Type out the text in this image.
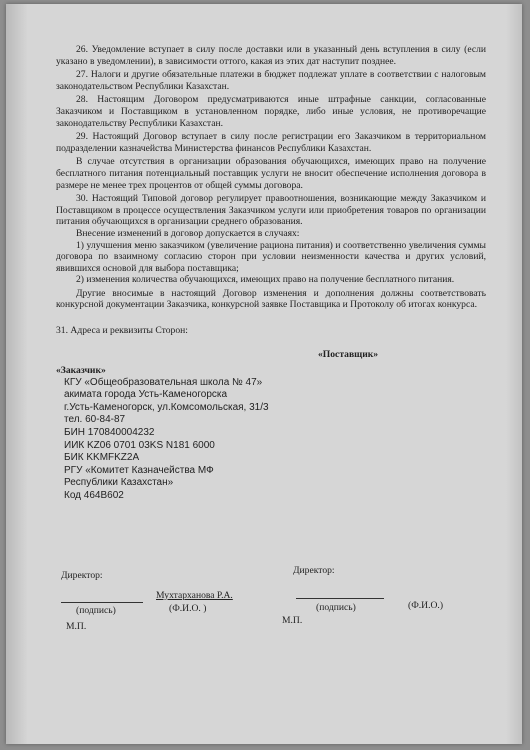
26. Уведомление вступает в силу после доставки или в указанный день вступления в силу (если указано в уведомлении), в зависимости оттого, какая из этих дат наступит позднее.
27. Налоги и другие обязательные платежи в бюджет подлежат уплате в соответствии с налоговым законодательством Республики Казахстан.
28. Настоящим Договором предусматриваются иные штрафные санкции, согласованные Заказчиком и Поставщиком в установленном порядке, либо иные условия, не противоречащие законодательству Республики Казахстан.
29. Настоящий Договор вступает в силу после регистрации его Заказчиком в территориальном подразделении казначейства Министерства финансов Республики Казахстан.
В случае отсутствия в организации образования обучающихся, имеющих право на получение бесплатного питания потенциальный поставщик услуги не вносит обеспечение исполнения договора в размере не менее трех процентов от общей суммы договора.
30. Настоящий Типовой договор регулирует правоотношения, возникающие между Заказчиком и Поставщиком в процессе осуществления Заказчиком услуги или приобретения товаров по организации питания обучающихся в организации среднего образования.
Внесение изменений в договор допускается в случаях:
1) улучшения меню заказчиком (увеличение рациона питания) и соответственно увеличения суммы договора по взаимному согласию сторон при условии неизменности качества и других условий, явившихся основой для выбора поставщика;
2) изменения количества обучающихся, имеющих право на получение бесплатного питания.
Другие вносимые в настоящий Договор изменения и дополнения должны соответствовать конкурсной документации Заказчика, конкурсной заявке Поставщика и Протоколу об итогах конкурса.
31. Адреса и реквизиты Сторон:
«Заказчик»
«Поставщик»
КГУ «Общеобразовательная школа № 47»
акимата города Усть-Каменогорска
г.Усть-Каменогорск, ул.Комсомольская, 31/3
тел. 60-84-87
БИН 170840004232
ИИК KZ06 0701 03KS N181 6000
БИК KKMFKZ2A
РГУ «Комитет Казначейства МФ
Республики Казахстан»
Код 464B602
Директор:
Мухтарханова Р.А.
(подпись)	(Ф.И.О. )
М.П.
Директор:
(подпись)	(Ф.И.О.)
М.П.
